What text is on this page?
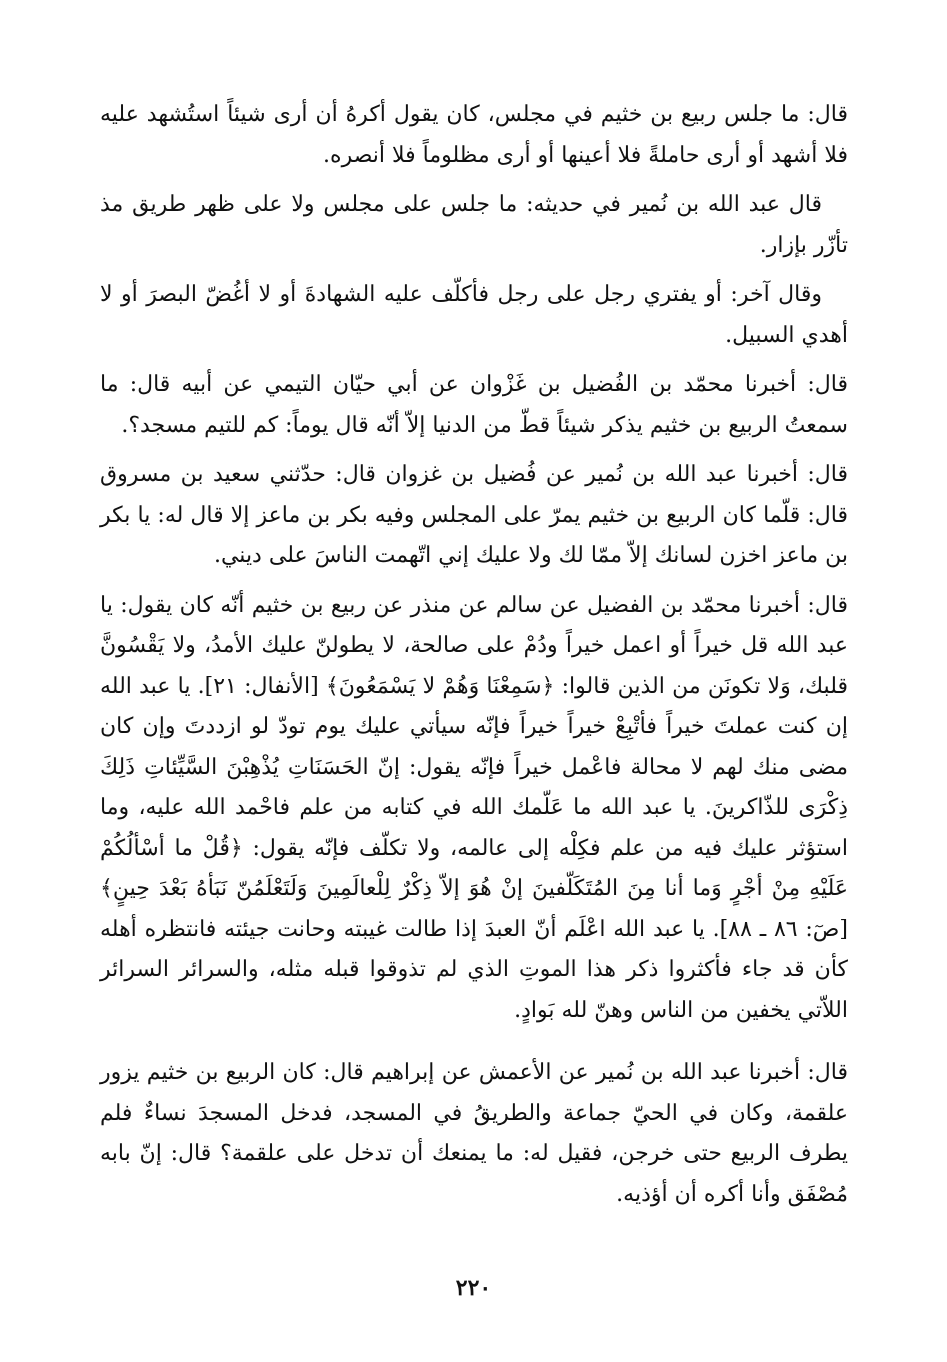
قال: ما جلس ربيع بن خثيم في مجلس، كان يقول أكرهُ أن أرى شيئاً استُشهد عليه فلا أشهد أو أرى حاملةً فلا أعينها أو أرى مظلوماً فلا أنصره.

قال عبد الله بن نُمير في حديثه: ما جلس على مجلس ولا على ظهر طريق مذ تأزّر بإزار.

وقال آخر: أو يفتري رجل على رجل فأكلّف عليه الشهادةَ أو لا أغُضّ البصرَ أو لا أهدي السبيل.

قال: أخبرنا محمّد بن الفُضيل بن غَزْوان عن أبي حيّان التيمي عن أبيه قال: ما سمعتُ الربيع بن خثيم يذكر شيئاً قطّ من الدنيا إلاّ أنّه قال يوماً: كم للتيم مسجد؟.

قال: أخبرنا عبد الله بن نُمير عن فُضيل بن غزوان قال: حدّثني سعيد بن مسروق قال: قلّما كان الربيع بن خثيم يمرّ على المجلس وفيه بكر بن ماعز إلا قال له: يا بكر بن ماعز اخزن لسانك إلاّ ممّا لك ولا عليك إني اتّهمت الناسَ على ديني.

قال: أخبرنا محمّد بن الفضيل عن سالم عن منذر عن ربيع بن خثيم أنّه كان يقول: يا عبد الله قل خيراً أو اعمل خيراً ودُمْ على صالحة، لا يطولنّ عليك الأمدُ، ولا يَقْسُونَّ قلبك، وَلا تكونَن من الذين قالوا: ﴿سَمِعْنَا وَهُمْ لا يَسْمَعُونَ﴾ [الأنفال: ٢١]. يا عبد الله إن كنت عملتَ خيراً فأتْبِعْ خيراً خيراً فإنّه سيأتي عليك يوم تودّ لو ازددتَ وإن كان مضى منك لهم لا محالة فاعْمل خيراً فإنّه يقول: إنّ الحَسَنَاتِ يُذْهِبْنَ السَّيِّئاتِ ذَلِكَ ذِكْرَى للذّاكرينَ. يا عبد الله ما عَلّمك الله في كتابه من علم فاحْمد الله عليه، وما استؤثر عليك فيه من علم فكِلْه إلى عالمه، ولا تكلّف فإنّه يقول: ﴿قُلْ ما أسْألُكُمْ عَلَيْهِ مِنْ أجْرٍ وَما أنا مِنَ المُتَكَلّفينَ إنْ هُوَ إلاّ ذِكْرٌ لِلْعالَمِينَ وَلَتَعْلَمُنّ نَبَأهُ بَعْدَ حِينٍ﴾ [صٓ: ٨٦ ـ ٨٨]. يا عبد الله اعْلَم أنّ العبدَ إذا طالت غيبته وحانت جيئته فانتظره أهله كأن قد جاء فأكثروا ذكر هذا الموتِ الذي لم تذوقوا قبله مثله، والسرائر السرائر اللاّتي يخفين من الناس وهنّ لله بَوادٍ.

قال: أخبرنا عبد الله بن نُمير عن الأعمش عن إبراهيم قال: كان الربيع بن خثيم يزور علقمة، وكان في الحيّ جماعة والطريقُ في المسجد، فدخل المسجدَ نساءٌ فلم يطرف الربيع حتى خرجن، فقيل له: ما يمنعك أن تدخل على علقمة؟ قال: إنّ بابه مُصْفَق وأنا أكره أن أؤذيه.

٢٢٠
